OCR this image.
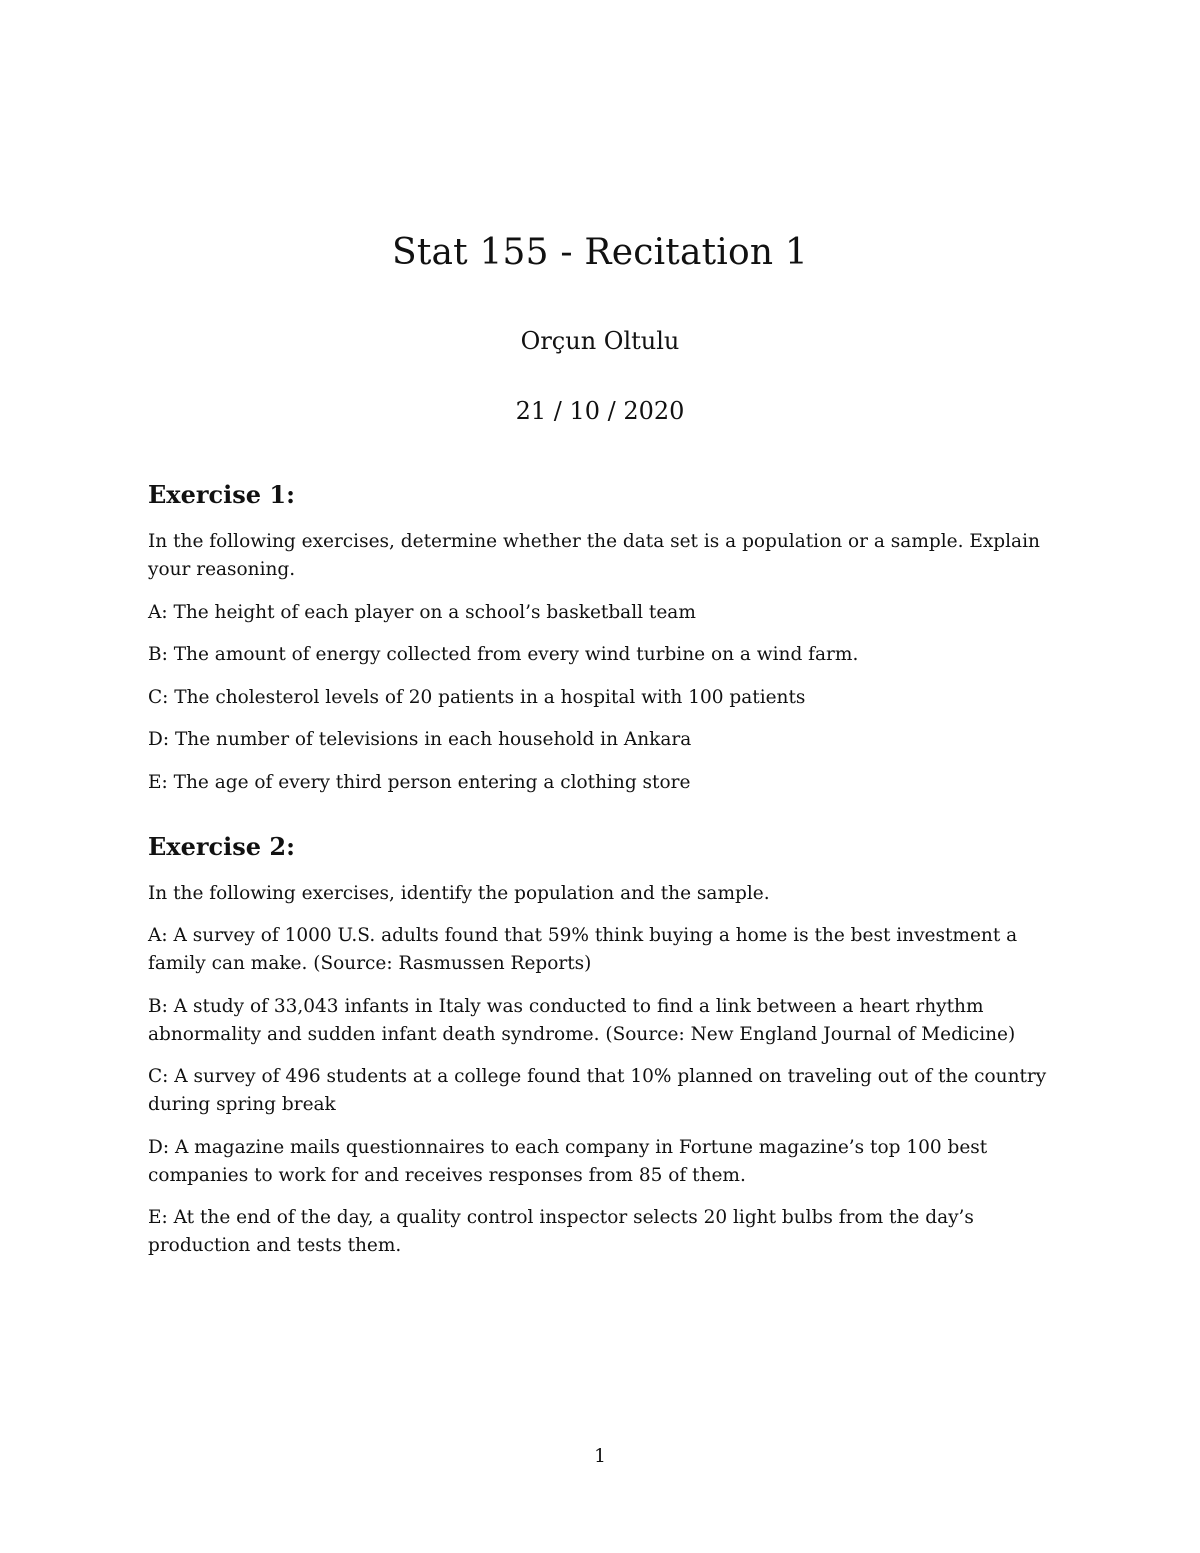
Stat 155 - Recitation 1
Orçun Oltulu
21 / 10 / 2020
Exercise 1:

In the following exercises, determine whether the data set is a population or a sample. Explain your reasoning.

A: The height of each player on a school’s basketball team

B: The amount of energy collected from every wind turbine on a wind farm.

C: The cholesterol levels of 20 patients in a hospital with 100 patients

D: The number of televisions in each household in Ankara

E: The age of every third person entering a clothing store

Exercise 2:

In the following exercises, identify the population and the sample.

A: A survey of 1000 U.S. adults found that 59% think buying a home is the best investment a family can make. (Source: Rasmussen Reports)

B: A study of 33,043 infants in Italy was conducted to find a link between a heart rhythm abnormality and sudden infant death syndrome. (Source: New England Journal of Medicine)

C: A survey of 496 students at a college found that 10% planned on traveling out of the country during spring break

D: A magazine mails questionnaires to each company in Fortune magazine’s top 100 best companies to work for and receives responses from 85 of them.

E: At the end of the day, a quality control inspector selects 20 light bulbs from the day’s production and tests them.

1
